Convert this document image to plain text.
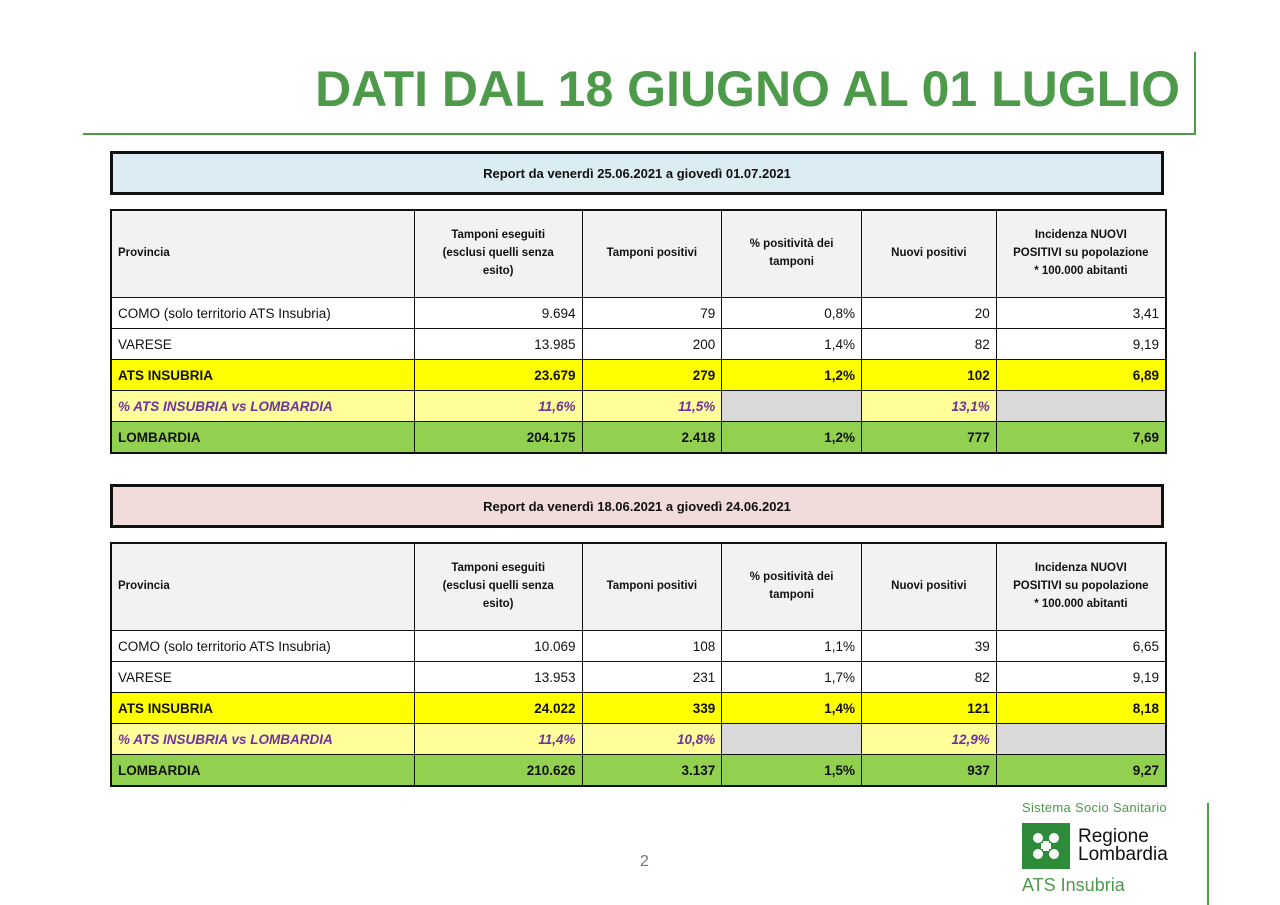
DATI DAL 18 GIUGNO AL 01 LUGLIO
Report da venerdì 25.06.2021 a giovedì 01.07.2021
Provincia	Tamponi eseguiti
(esclusi quelli senza
esito)	Tamponi positivi	% positività dei
tamponi	Nuovi positivi	Incidenza NUOVI
POSITIVI su popolazione
* 100.000 abitanti
COMO (solo territorio ATS Insubria)	9.694	79	0,8%	20	3,41
VARESE	13.985	200	1,4%	82	9,19
ATS INSUBRIA	23.679	279	1,2%	102	6,89
% ATS INSUBRIA vs LOMBARDIA	11,6%	11,5%		13,1%	
LOMBARDIA	204.175	2.418	1,2%	777	7,69
Report da venerdì 18.06.2021 a giovedì 24.06.2021
Provincia	Tamponi eseguiti
(esclusi quelli senza
esito)	Tamponi positivi	% positività dei
tamponi	Nuovi positivi	Incidenza NUOVI
POSITIVI su popolazione
* 100.000 abitanti
COMO (solo territorio ATS Insubria)	10.069	108	1,1%	39	6,65
VARESE	13.953	231	1,7%	82	9,19
ATS INSUBRIA	24.022	339	1,4%	121	8,18
% ATS INSUBRIA vs LOMBARDIA	11,4%	10,8%		12,9%	
LOMBARDIA	210.626	3.137	1,5%	937	9,27
2
Sistema Socio Sanitario
Regione
Lombardia
ATS Insubria
